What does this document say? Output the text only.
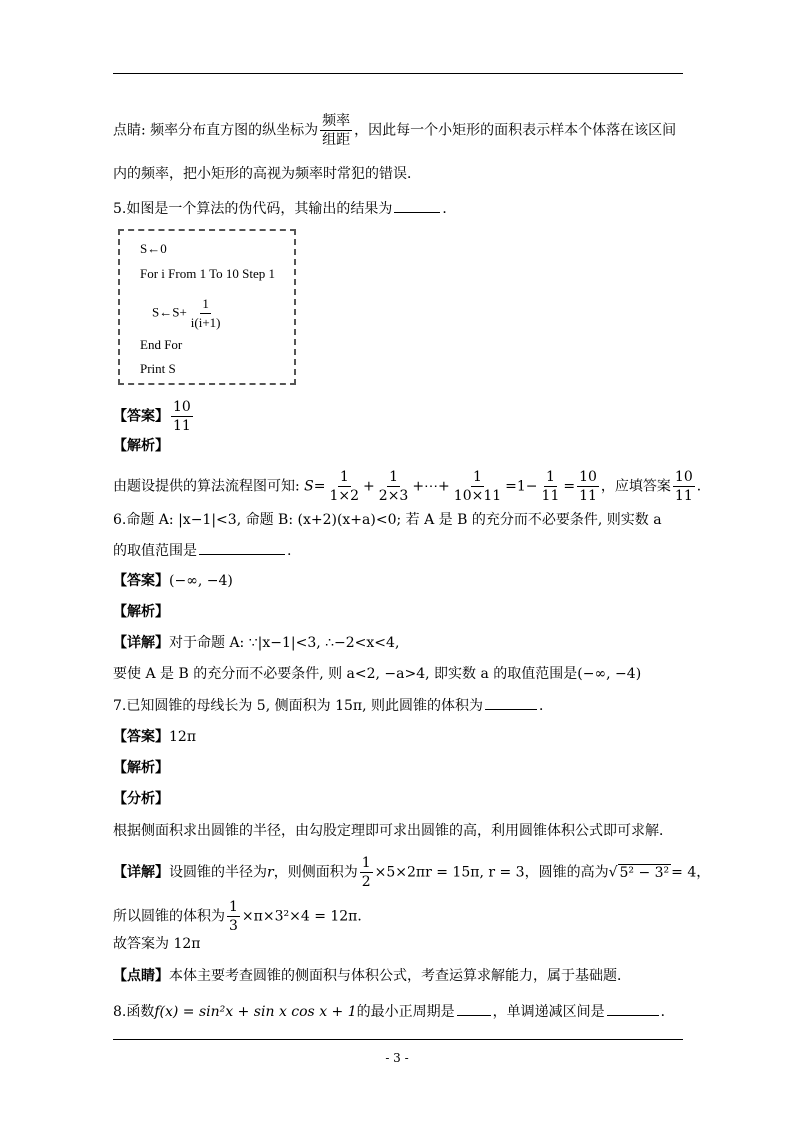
点睛: 频率分布直方图的纵坐标为 $\frac{\text{频率}}{\text{组距}}$ ，因此每一个小矩形的面积表示样本个体落在该区间
内的频率，把小矩形的高视为频率时常犯的错误．
5.如图是一个算法的伪代码，其输出的结果为	．
S←0
For i From 1 To 10 Step 1
S←S+ $\frac{1}{i(i+1)}$
End For
Print S
【答案】 $\frac{10}{11}$
【解析】
由题设提供的算法流程图可知: $S= \frac{1}{1\times 2} + \frac{1}{2\times 3}$ +⋯+ $\frac{1}{10\times 11} =1- \frac{1}{11} = \frac{10}{11}$ ，应填答案 $\frac{10}{11}$ ．
6.命题 A: |x−1|<3, 命题 B: (x+2)(x+a)<0; 若 A 是 B 的充分而不必要条件, 则实数 a
的取值范围是	.
【答案】(−∞, −4)
【解析】
【详解】对于命题 A: ∵|x−1|<3, ∴−2<x<4,
要使 A 是 B 的充分而不必要条件, 则 a<2, −a>4, 即实数 a 的取值范围是(−∞, −4)
7.已知圆锥的母线长为 5, 侧面积为 15π, 则此圆锥的体积为	．
【答案】12π
【解析】
【分析】
根据侧面积求出圆锥的半径，由勾股定理即可求出圆锥的高，利用圆锥体积公式即可求解．
【详解】设圆锥的半径为r，则侧面积为 $\frac{1}{2} \times 5\times 2\pi r = 15\pi$, r = 3，圆锥的高为√ 5² − 3² = 4，
所以圆锥的体积为 $\frac{1}{3} \times\pi\times 3^2\times 4 = 12\pi$．
故答案为 12π
【点睛】本体主要考查圆锥的侧面积与体积公式，考查运算求解能力，属于基础题．
8.函数f(x) = sin²x + sin x cos x + 1的最小正周期是	，单调递减区间是	．
- 3 -
